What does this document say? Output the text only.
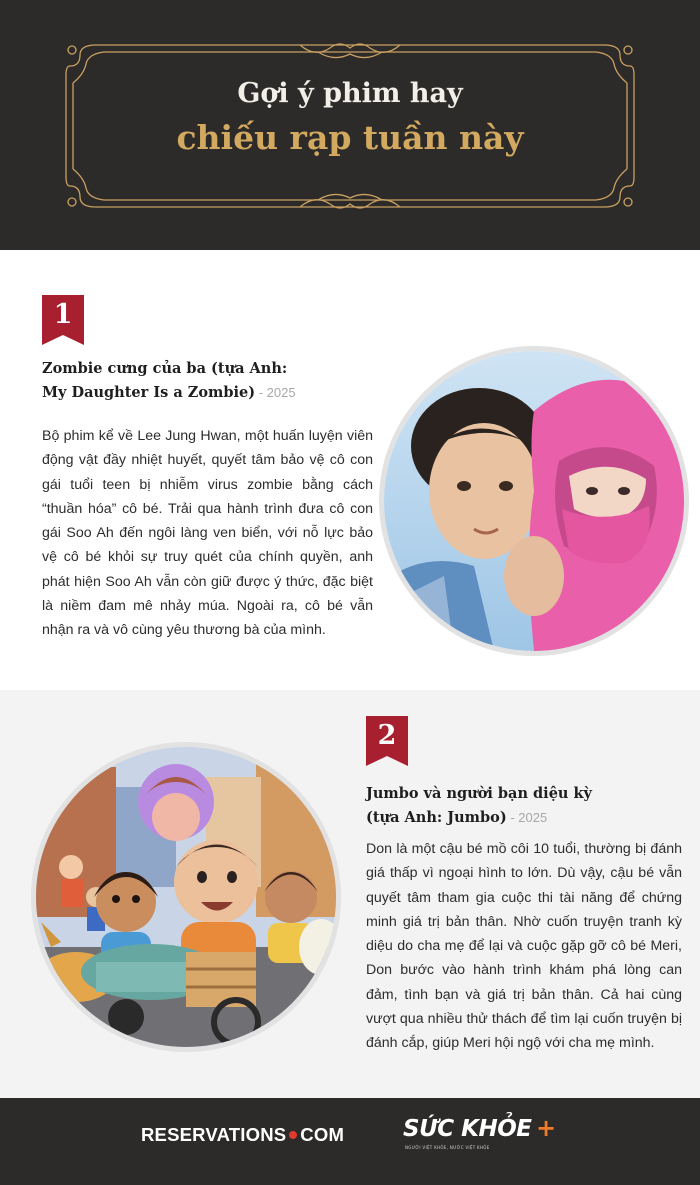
Gợi ý phim hay
chiếu rạp tuần này
1
Zombie cưng của ba (tựa Anh:
My Daughter Is a Zombie) - 2025
Bộ phim kể về Lee Jung Hwan, một huấn luyện viên động vật đầy nhiệt huyết, quyết tâm bảo vệ cô con gái tuổi teen bị nhiễm virus zombie bằng cách “thuần hóa” cô bé. Trải qua hành trình đưa cô con gái Soo Ah đến ngôi làng ven biển, với nỗ lực bảo vệ cô bé khỏi sự truy quét của chính quyền, anh phát hiện Soo Ah vẫn còn giữ được ý thức, đặc biệt là niềm đam mê nhảy múa. Ngoài ra, cô bé vẫn nhận ra và vô cùng yêu thương bà của mình.
2
Jumbo và người bạn diệu kỳ
(tựa Anh: Jumbo) - 2025
Don là một cậu bé mồ côi 10 tuổi, thường bị đánh giá thấp vì ngoại hình to lớn. Dù vậy, cậu bé vẫn quyết tâm tham gia cuộc thi tài năng để chứng minh giá trị bản thân. Nhờ cuốn truyện tranh kỳ diệu do cha mẹ để lại và cuộc gặp gỡ cô bé Meri, Don bước vào hành trình khám phá lòng can đảm, tình bạn và giá trị bản thân. Cả hai cùng vượt qua nhiều thử thách để tìm lại cuốn truyện bị đánh cắp, giúp Meri hội ngộ với cha mẹ mình.
RESERVATIONS COM	SỨC KHỎE +
NGƯỜI VIỆT KHỎE, NƯỚC VIỆT KHỎE
